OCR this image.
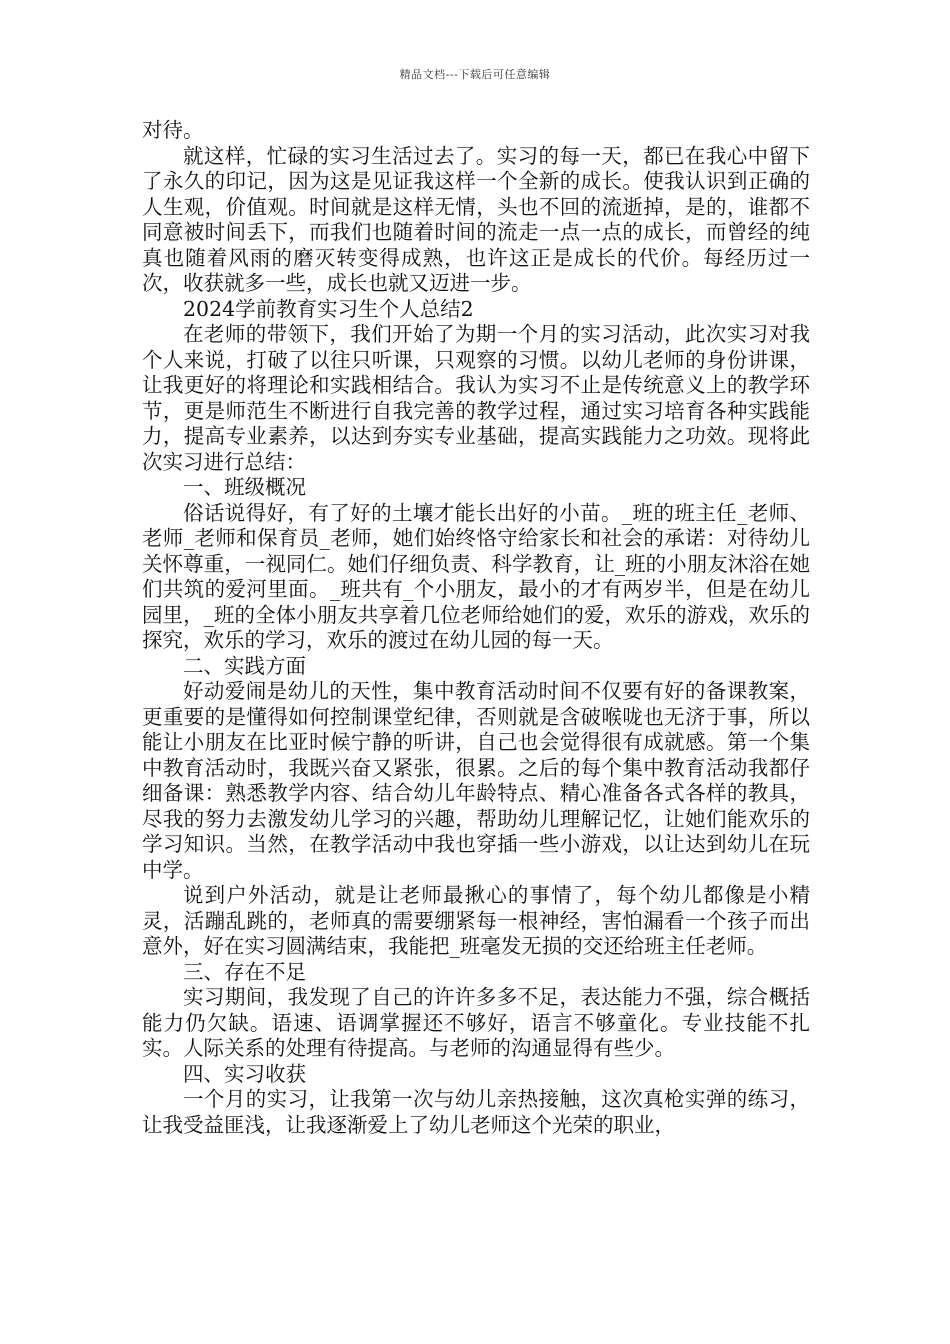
精品文档---下载后可任意编辑

对待。

就这样，忙碌的实习生活过去了。实习的每一天，都已在我心中留下了永久的印记，因为这是见证我这样一个全新的成长。使我认识到正确的人生观，价值观。时间就是这样无情，头也不回的流逝掉，是的，谁都不同意被时间丢下，而我们也随着时间的流走一点一点的成长，而曾经的纯真也随着风雨的磨灭转变得成熟，也许这正是成长的代价。每经历过一次，收获就多一些，成长也就又迈进一步。

2024学前教育实习生个人总结2

在老师的带领下，我们开始了为期一个月的实习活动，此次实习对我个人来说，打破了以往只听课，只观察的习惯。以幼儿老师的身份讲课，让我更好的将理论和实践相结合。我认为实习不止是传统意义上的教学环节，更是师范生不断进行自我完善的教学过程，通过实习培育各种实践能力，提高专业素养，以达到夯实专业基础，提高实践能力之功效。现将此次实习进行总结：

一、班级概况

俗话说得好，有了好的土壤才能长出好的小苗。_班的班主任_老师、老师_老师和保育员_老师，她们始终恪守给家长和社会的承诺：对待幼儿关怀尊重，一视同仁。她们仔细负责、科学教育，让_班的小朋友沐浴在她们共筑的爱河里面。_班共有_个小朋友，最小的才有两岁半，但是在幼儿园里，_班的全体小朋友共享着几位老师给她们的爱，欢乐的游戏，欢乐的探究，欢乐的学习，欢乐的渡过在幼儿园的每一天。

二、实践方面

好动爱闹是幼儿的天性，集中教育活动时间不仅要有好的备课教案，更重要的是懂得如何控制课堂纪律，否则就是含破喉咙也无济于事，所以能让小朋友在比亚时候宁静的听讲，自己也会觉得很有成就感。第一个集中教育活动时，我既兴奋又紧张，很累。之后的每个集中教育活动我都仔细备课：熟悉教学内容、结合幼儿年龄特点、精心准备各式各样的教具，尽我的努力去激发幼儿学习的兴趣，帮助幼儿理解记忆，让她们能欢乐的学习知识。当然，在教学活动中我也穿插一些小游戏，以让达到幼儿在玩中学。

说到户外活动，就是让老师最揪心的事情了，每个幼儿都像是小精灵，活蹦乱跳的，老师真的需要绷紧每一根神经，害怕漏看一个孩子而出意外，好在实习圆满结束，我能把_班毫发无损的交还给班主任老师。

三、存在不足

实习期间，我发现了自己的许许多多不足，表达能力不强，综合概括能力仍欠缺。语速、语调掌握还不够好，语言不够童化。专业技能不扎实。人际关系的处理有待提高。与老师的沟通显得有些少。

四、实习收获

一个月的实习，让我第一次与幼儿亲热接触，这次真枪实弹的练习，让我受益匪浅，让我逐渐爱上了幼儿老师这个光荣的职业，
